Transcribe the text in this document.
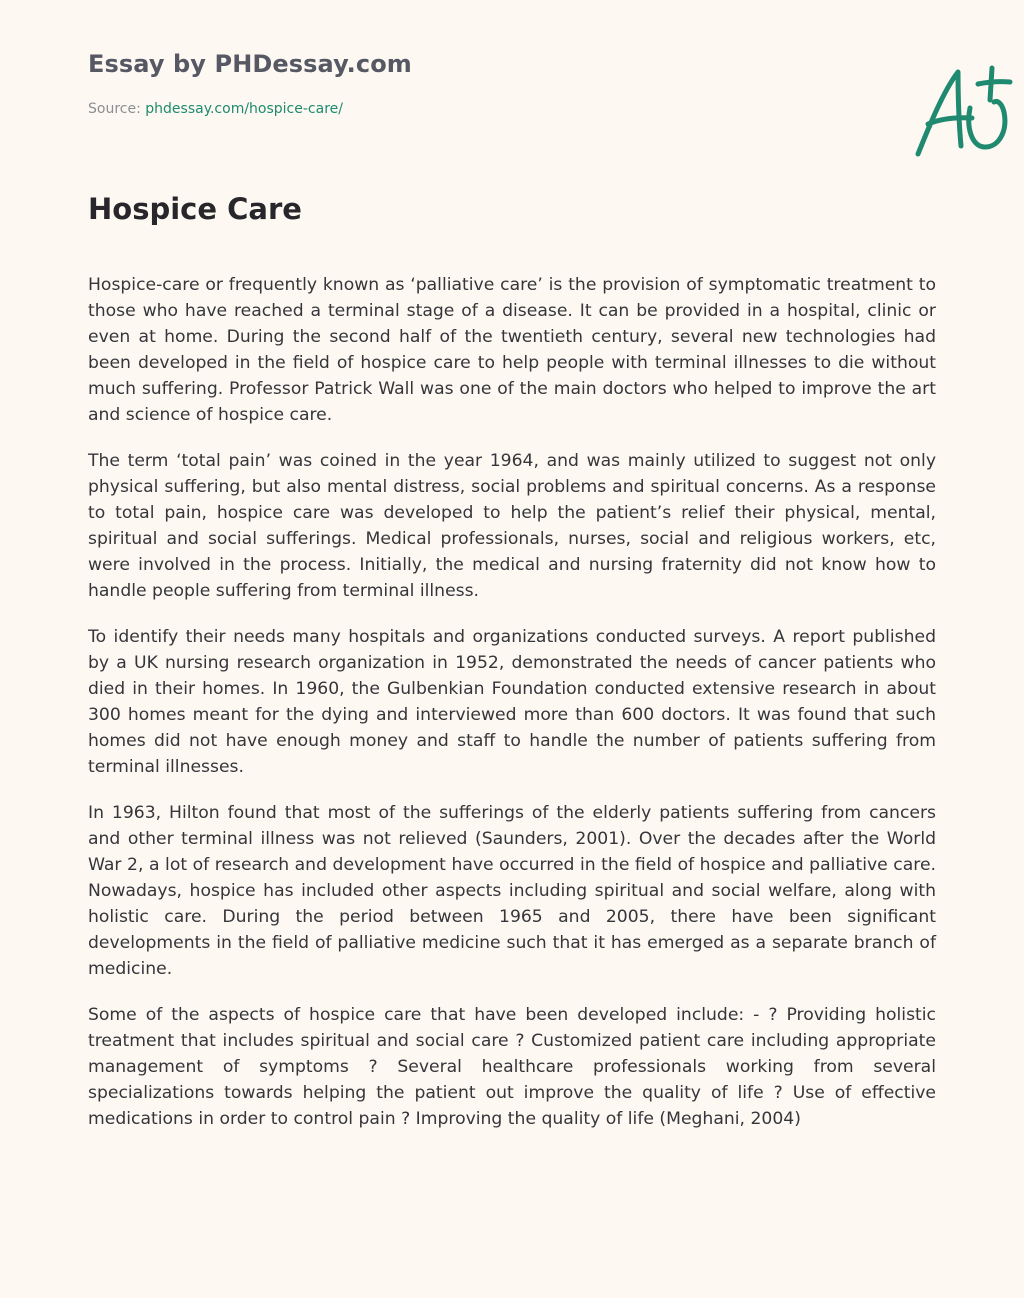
Essay by PHDessay.com
Source: phdessay.com/hospice-care/
Hospice Care

Hospice-care or frequently known as ‘palliative care’ is the provision of symptomatic treatment to those who have reached a terminal stage of a disease. It can be provided in a hospital, clinic or even at home. During the second half of the twentieth century, several new technologies had been developed in the field of hospice care to help people with terminal illnesses to die without much suffering. Professor Patrick Wall was one of the main doctors who helped to improve the art and science of hospice care.

The term ‘total pain’ was coined in the year 1964, and was mainly utilized to suggest not only physical suffering, but also mental distress, social problems and spiritual concerns. As a response to total pain, hospice care was developed to help the patient’s relief their physical, mental, spiritual and social sufferings. Medical professionals, nurses, social and religious workers, etc, were involved in the process. Initially, the medical and nursing fraternity did not know how to handle people suffering from terminal illness.

To identify their needs many hospitals and organizations conducted surveys. A report published by a UK nursing research organization in 1952, demonstrated the needs of cancer patients who died in their homes. In 1960, the Gulbenkian Foundation conducted extensive research in about 300 homes meant for the dying and interviewed more than 600 doctors. It was found that such homes did not have enough money and staff to handle the number of patients suffering from terminal illnesses.

In 1963, Hilton found that most of the sufferings of the elderly patients suffering from cancers and other terminal illness was not relieved (Saunders, 2001). Over the decades after the World War 2, a lot of research and development have occurred in the field of hospice and palliative care. Nowadays, hospice has included other aspects including spiritual and social welfare, along with holistic care. During the period between 1965 and 2005, there have been significant developments in the field of palliative medicine such that it has emerged as a separate branch of medicine.

Some of the aspects of hospice care that have been developed include: - ? Providing holistic treatment that includes spiritual and social care ? Customized patient care including appropriate management of symptoms ? Several healthcare professionals working from several specializations towards helping the patient out improve the quality of life ? Use of effective medications in order to control pain ? Improving the quality of life (Meghani, 2004)
